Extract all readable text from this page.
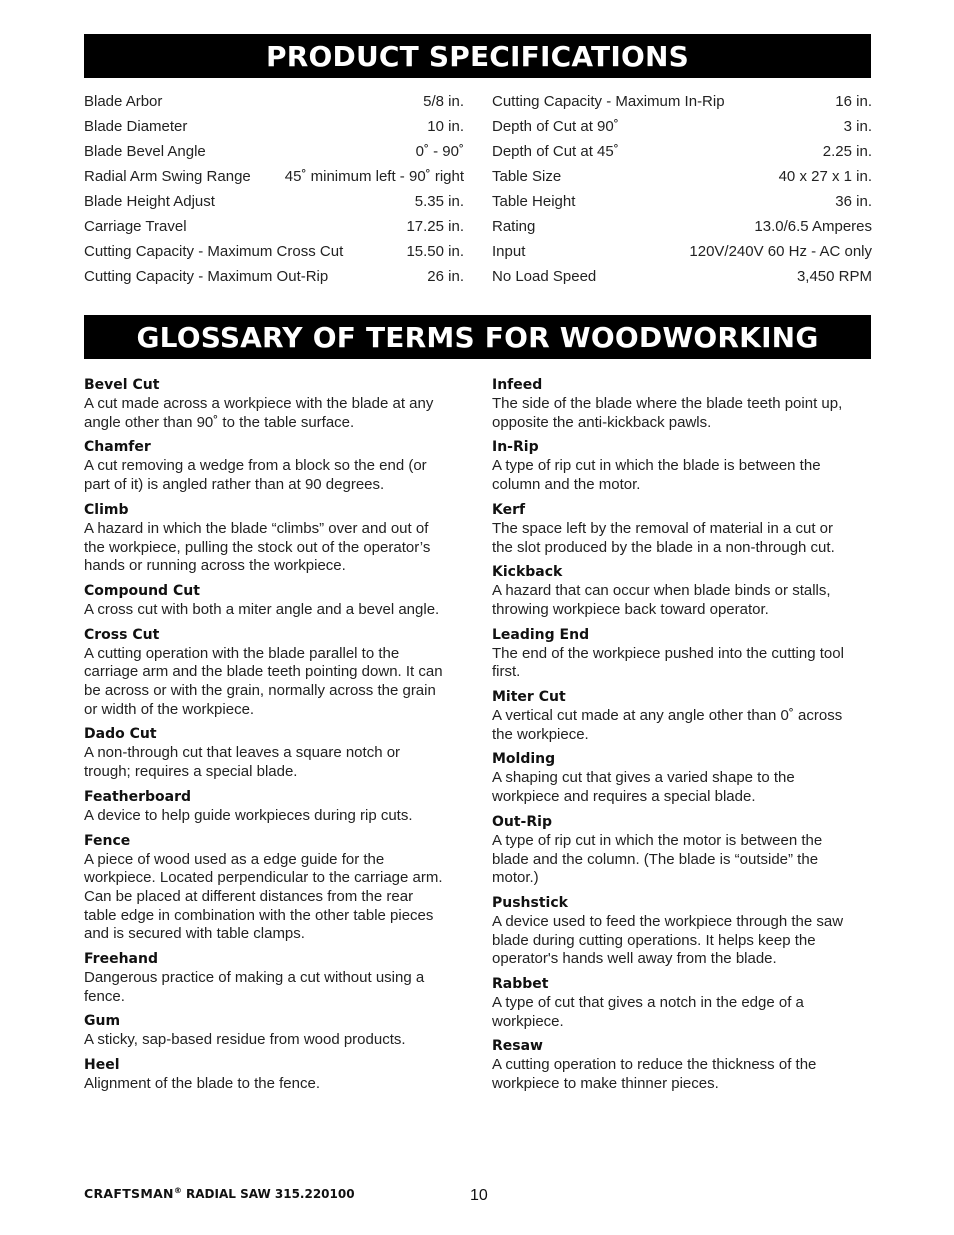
PRODUCT SPECIFICATIONS
Blade Arbor	5/8 in.
Blade Diameter	10 in.
Blade Bevel Angle	0˚ - 90˚
Radial Arm Swing Range 45˚ minimum left - 90˚ right
Blade Height Adjust	5.35 in.
Carriage Travel	17.25 in.
Cutting Capacity - Maximum Cross Cut	15.50 in.
Cutting Capacity - Maximum Out-Rip	26 in.
Cutting Capacity - Maximum In-Rip	16 in.
Depth of Cut at 90˚	3 in.
Depth of Cut at 45˚	2.25 in.
Table Size	40 x 27 x 1 in.
Table Height	36 in.
Rating	13.0/6.5 Amperes
Input	120V/240V 60 Hz - AC only
No Load Speed	3,450 RPM
GLOSSARY OF TERMS FOR WOODWORKING
Bevel Cut
A cut made across a workpiece with the blade at any
angle other than 90˚ to the table surface.
Chamfer
A cut removing a wedge from a block so the end (or
part of it) is angled rather than at 90 degrees.
Climb
A hazard in which the blade “climbs” over and out of
the workpiece, pulling the stock out of the operator’s
hands or running across the workpiece.
Compound Cut
A cross cut with both a miter angle and a bevel angle.
Cross Cut
A cutting operation with the blade parallel to the
carriage arm and the blade teeth pointing down. It can
be across or with the grain, normally across the grain
or width of the workpiece.
Dado Cut
A non-through cut that leaves a square notch or
trough; requires a special blade.
Featherboard
A device to help guide workpieces during rip cuts.
Fence
A piece of wood used as a edge guide for the
workpiece. Located perpendicular to the carriage arm.
Can be placed at different distances from the rear
table edge in combination with the other table pieces
and is secured with table clamps.
Freehand
Dangerous practice of making a cut without using a
fence.
Gum
A sticky, sap-based residue from wood products.
Heel
Alignment of the blade to the fence.
Infeed
The side of the blade where the blade teeth point up,
opposite the anti-kickback pawls.
In-Rip
A type of rip cut in which the blade is between the
column and the motor.
Kerf
The space left by the removal of material in a cut or
the slot produced by the blade in a non-through cut.
Kickback
A hazard that can occur when blade binds or stalls,
throwing workpiece back toward operator.
Leading End
The end of the workpiece pushed into the cutting tool
first.
Miter Cut
A vertical cut made at any angle other than 0˚ across
the workpiece.
Molding
A shaping cut that gives a varied shape to the
workpiece and requires a special blade.
Out-Rip
A type of rip cut in which the motor is between the
blade and the column. (The blade is “outside” the
motor.)
Pushstick
A device used to feed the workpiece through the saw
blade during cutting operations. It helps keep the
operator's hands well away from the blade.
Rabbet
A type of cut that gives a notch in the edge of a
workpiece.
Resaw
A cutting operation to reduce the thickness of the
workpiece to make thinner pieces.
CRAFTSMAN® RADIAL SAW 315.220100	10
